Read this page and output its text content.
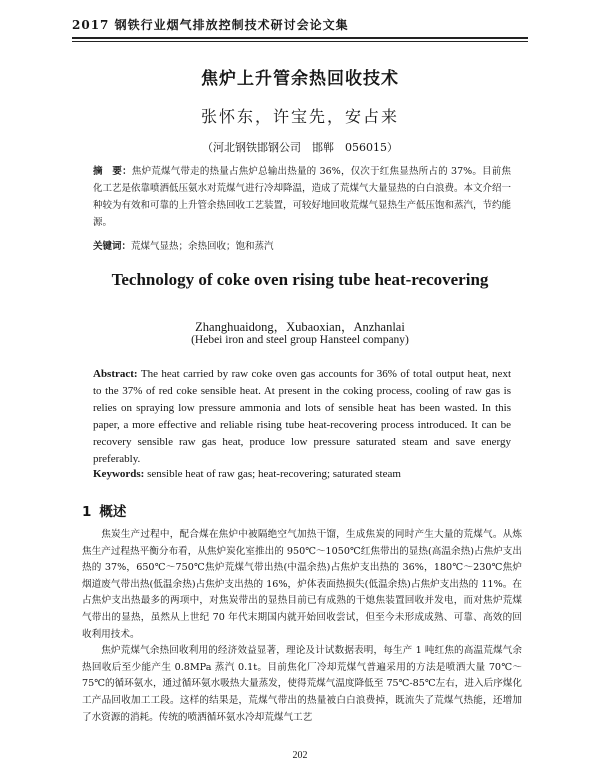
2017 钢铁行业烟气排放控制技术研讨会论文集
焦炉上升管余热回收技术
张怀东，许宝先，安占来
（河北钢铁邯钢公司　邯郸　056015）
摘　要：焦炉荒煤气带走的热量占焦炉总输出热量的 36%，仅次于红焦显热所占的 37%。目前焦化工艺是依靠喷洒低压氨水对荒煤气进行冷却降温，造成了荒煤气大量显热的白白浪费。本文介绍一种较为有效和可靠的上升管余热回收工艺装置，可较好地回收荒煤气显热生产低压饱和蒸汽，节约能源。
关键词：荒煤气显热；余热回收；饱和蒸汽
Technology of coke oven rising tube heat-recovering
Zhanghuaidong，Xubaoxian，Anzhanlai
(Hebei iron and steel group Hansteel company)
Abstract: The heat carried by raw coke oven gas accounts for 36% of total output heat, next to the 37% of red coke sensible heat. At present in the coking process, cooling of raw gas is relies on spraying low pressure ammonia and lots of sensible heat has been wasted. In this paper, a more effective and reliable rising tube heat-recovering process introduced. It can be recovery sensible raw gas heat, produce low pressure saturated steam and save energy preferably.
Keywords: sensible heat of raw gas; heat-recovering; saturated steam
1 概述

焦炭生产过程中，配合煤在焦炉中被隔绝空气加热干馏，生成焦炭的同时产生大量的荒煤气。从炼焦生产过程热平衡分布看，从焦炉炭化室推出的 950℃～1050℃红焦带出的显热(高温余热)占焦炉支出热的 37%，650℃～750℃焦炉荒煤气带出热(中温余热)占焦炉支出热的 36%，180℃～230℃焦炉烟道废气带出热(低温余热)占焦炉支出热的 16%，炉体表面热损失(低温余热)占焦炉支出热的 11%。在占焦炉支出热最多的两项中，对焦炭带出的显热目前已有成熟的干熄焦装置回收并发电，而对焦炉荒煤气带出的显热，虽然从上世纪 70 年代末期国内就开始回收尝试，但至今未形成成熟、可靠、高效的回收利用技术。

焦炉荒煤气余热回收利用的经济效益显著，理论及计试数据表明，每生产 1 吨红焦的高温荒煤气余热回收后至少能产生 0.8MPa 蒸汽 0.1t。目前焦化厂冷却荒煤气普遍采用的方法是喷洒大量 70℃～75℃的循环氨水，通过循环氨水吸热大量蒸发，使得荒煤气温度降低至 75℃-85℃左右，进入后序煤化工产品回收加工工段。这样的结果是，荒煤气带出的热量被白白浪费掉，既流失了荒煤气热能，还增加了水资源的消耗。传统的喷洒循环氨水冷却荒煤气工艺

202
